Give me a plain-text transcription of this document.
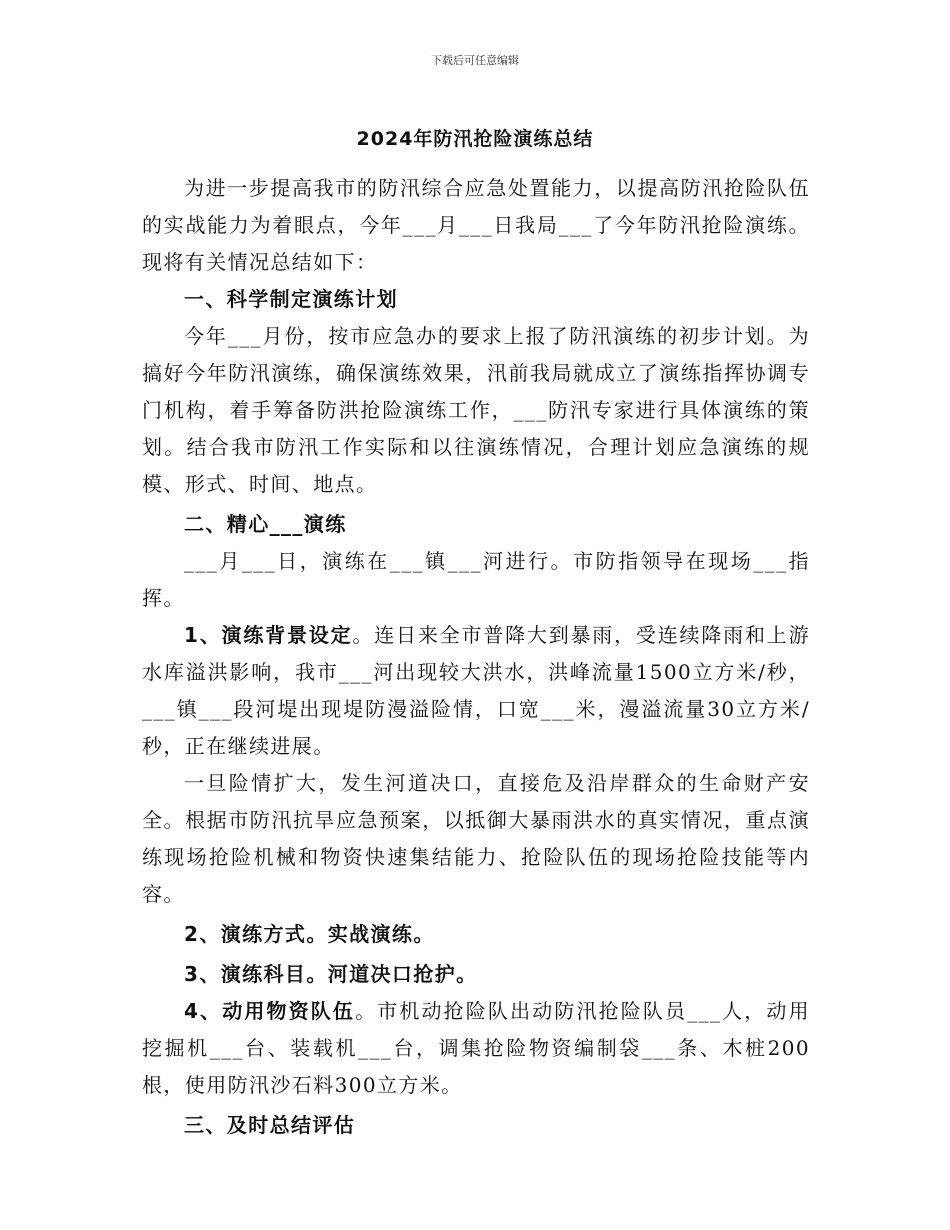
下载后可任意编辑
2024年防汛抢险演练总结

为进一步提高我市的防汛综合应急处置能力，以提高防汛抢险队伍的实战能力为着眼点，今年___月___日我局___了今年防汛抢险演练。现将有关情况总结如下：

一、科学制定演练计划

今年___月份，按市应急办的要求上报了防汛演练的初步计划。为搞好今年防汛演练，确保演练效果，汛前我局就成立了演练指挥协调专门机构，着手筹备防洪抢险演练工作，___防汛专家进行具体演练的策划。结合我市防汛工作实际和以往演练情况，合理计划应急演练的规模、形式、时间、地点。

二、精心___演练

___月___日，演练在___镇___河进行。市防指领导在现场___指挥。

1、演练背景设定。连日来全市普降大到暴雨，受连续降雨和上游水库溢洪影响，我市___河出现较大洪水，洪峰流量1500立方米/秒，___镇___段河堤出现堤防漫溢险情，口宽___米，漫溢流量30立方米/秒，正在继续进展。

一旦险情扩大，发生河道决口，直接危及沿岸群众的生命财产安全。根据市防汛抗旱应急预案，以抵御大暴雨洪水的真实情况，重点演练现场抢险机械和物资快速集结能力、抢险队伍的现场抢险技能等内容。

2、演练方式。实战演练。

3、演练科目。河道决口抢护。

4、动用物资队伍。市机动抢险队出动防汛抢险队员___人，动用挖掘机___台、装载机___台，调集抢险物资编制袋___条、木桩200根，使用防汛沙石料300立方米。

三、及时总结评估
